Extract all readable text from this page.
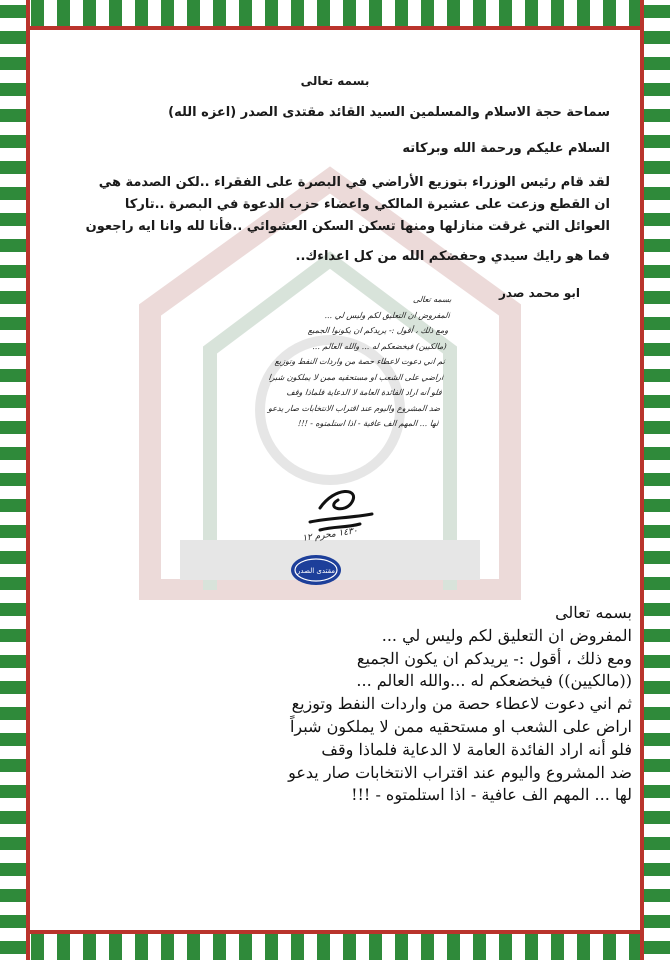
بسمه تعالى
سماحة حجة الاسلام والمسلمين السيد القائد مقتدى الصدر (اعزه الله)
السلام عليكم ورحمة الله وبركاته

لقد قام رئيس الوزراء بتوزيع الأراضي في البصرة على الفقراء ..لكن الصدمة هي

ان القطع وزعت على عشيرة المالكي واعضاء حزب الدعوة في البصرة ..تاركا

العوائل التي غرقت منازلها ومنها تسكن السكن العشوائي ..فأنا لله وانا ايه راجعون

فما هو رايك سيدي وحفضكم الله من كل اعداءك..
ابو محمد صدر
بسمه تعالى
المفروض ان التعليق لكم وليس لي ...
ومع ذلك ، أقول :- يريدكم ان يكونوا الجميع
(مالكيين) فيخضعكم له ... والله العالم ...
ثم اني دعوت لاعطاء حصة من واردات النفط وتوزيع
اراضي على الشعب او مستحقيه ممن لا يملكون شبرا
فلو أنه اراد الفائدة العامة لا الدعاية فلماذا وقف
ضد المشروع واليوم عند اقتراب الانتخابات صار يدعو
لها ... المهم الف عافية - اذا استلمتوه - !!!
١٤٣٠ محرم ١٢
مقتدى الصدر
بسمه تعالى
المفروض ان التعليق لكم وليس لي ...
ومع ذلك ، أقول :- يريدكم ان يكون الجميع
((مالكيين)) فيخضعكم له ...والله العالم ...
ثم اني دعوت لاعطاء حصة من واردات النفط وتوزيع
اراض على الشعب او مستحقيه ممن لا يملكون شبراً
فلو أنه اراد الفائدة العامة لا الدعاية فلماذا وقف
ضد المشروع واليوم عند اقتراب الانتخابات صار يدعو
لها ... المهم الف عافية - اذا استلمتوه - !!!
